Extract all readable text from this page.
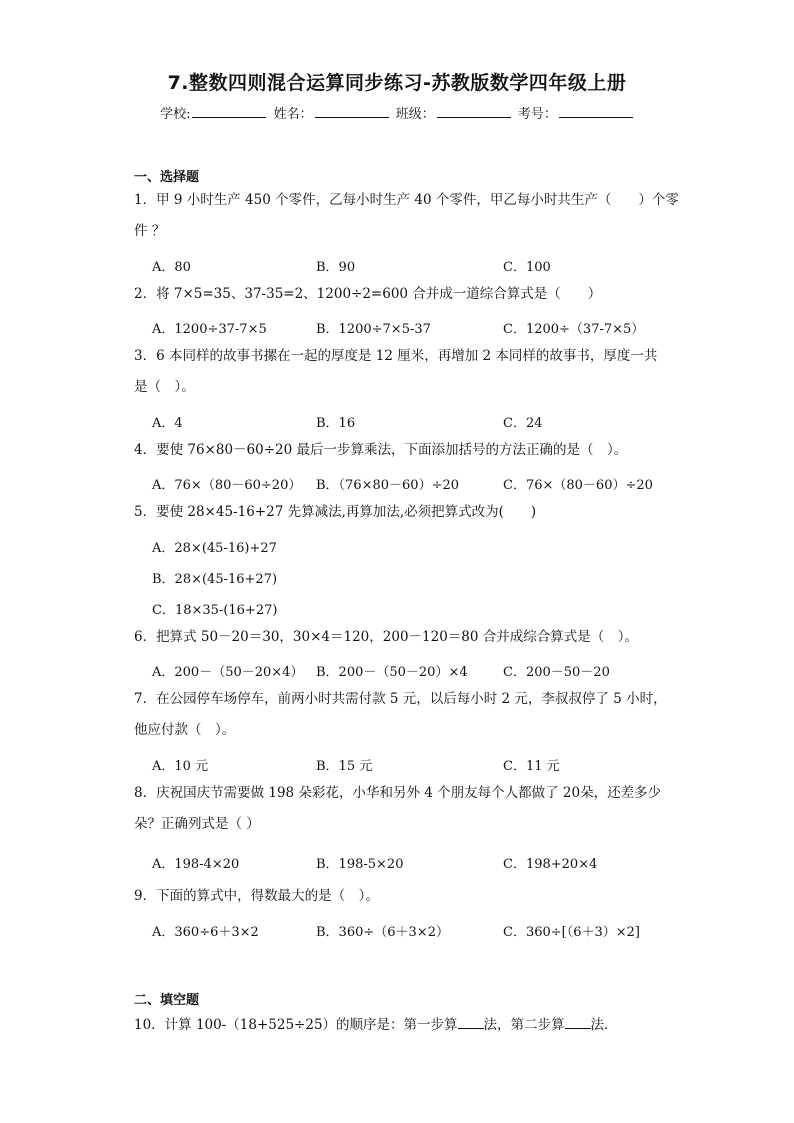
7.整数四则混合运算同步练习-苏教版数学四年级上册
学校:	姓名：	班级：	考号：
一、选择题
1．甲 9 小时生产 450 个零件，乙每小时生产 40 个零件，甲乙每小时共生产（　　）个零
件 ？
A．80	B．90	C．100
2．将 7×5=35、37-35=2、1200÷2=600 合并成一道综合算式是（　　）
A．1200÷37-7×5	B．1200÷7×5-37	C．1200÷（37-7×5）
3．6 本同样的故事书摞在一起的厚度是 12 厘米，再增加 2 本同样的故事书，厚度一共
是（　）。
A．4	B．16	C．24
4．要使 76×80－60÷20 最后一步算乘法，下面添加括号的方法正确的是（　）。
A．76×（80－60÷20） B．（76×80－60）÷20	C．76×（80－60）÷20
5．要使 28×45-16+27 先算减法,再算加法,必须把算式改为(　　)
A．28×(45-16)+27
B．28×(45-16+27)
C．18×35-(16+27)
6．把算式 50－20＝30，30×4＝120，200－120＝80 合并成综合算式是（　）。
A．200－（50－20×4） B．200－（50－20）×4	C．200－50－20
7．在公园停车场停车，前两小时共需付款 5 元，以后每小时 2 元，李叔叔停了 5 小时，
他应付款（　）。
A．10 元	B．15 元	C．11 元
8．庆祝国庆节需要做 198 朵彩花，小华和另外 4 个朋友每个人都做了 20朵，还差多少
朵？正确列式是（ ）
A．198-4×20	B．198-5×20	C．198+20×4
9．下面的算式中，得数最大的是（　）。
A．360÷6＋3×2	B．360÷（6＋3×2）	C．360÷[（6＋3）×2]
二、填空题
10．计算 100-（18+525÷25）的顺序是：第一步算 法，第二步算 法．
